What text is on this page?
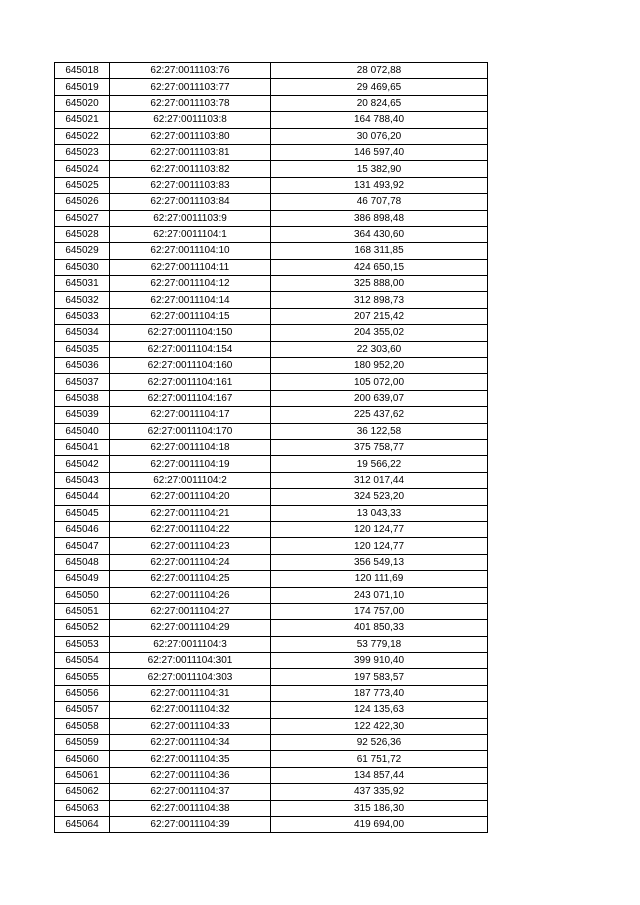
645018	62:27:0011103:76	28 072,88
645019	62:27:0011103:77	29 469,65
645020	62:27:0011103:78	20 824,65
645021	62:27:0011103:8	164 788,40
645022	62:27:0011103:80	30 076,20
645023	62:27:0011103:81	146 597,40
645024	62:27:0011103:82	15 382,90
645025	62:27:0011103:83	131 493,92
645026	62:27:0011103:84	46 707,78
645027	62:27:0011103:9	386 898,48
645028	62:27:0011104:1	364 430,60
645029	62:27:0011104:10	168 311,85
645030	62:27:0011104:11	424 650,15
645031	62:27:0011104:12	325 888,00
645032	62:27:0011104:14	312 898,73
645033	62:27:0011104:15	207 215,42
645034	62:27:0011104:150	204 355,02
645035	62:27:0011104:154	22 303,60
645036	62:27:0011104:160	180 952,20
645037	62:27:0011104:161	105 072,00
645038	62:27:0011104:167	200 639,07
645039	62:27:0011104:17	225 437,62
645040	62:27:0011104:170	36 122,58
645041	62:27:0011104:18	375 758,77
645042	62:27:0011104:19	19 566,22
645043	62:27:0011104:2	312 017,44
645044	62:27:0011104:20	324 523,20
645045	62:27:0011104:21	13 043,33
645046	62:27:0011104:22	120 124,77
645047	62:27:0011104:23	120 124,77
645048	62:27:0011104:24	356 549,13
645049	62:27:0011104:25	120 111,69
645050	62:27:0011104:26	243 071,10
645051	62:27:0011104:27	174 757,00
645052	62:27:0011104:29	401 850,33
645053	62:27:0011104:3	53 779,18
645054	62:27:0011104:301	399 910,40
645055	62:27:0011104:303	197 583,57
645056	62:27:0011104:31	187 773,40
645057	62:27:0011104:32	124 135,63
645058	62:27:0011104:33	122 422,30
645059	62:27:0011104:34	92 526,36
645060	62:27:0011104:35	61 751,72
645061	62:27:0011104:36	134 857,44
645062	62:27:0011104:37	437 335,92
645063	62:27:0011104:38	315 186,30
645064	62:27:0011104:39	419 694,00
